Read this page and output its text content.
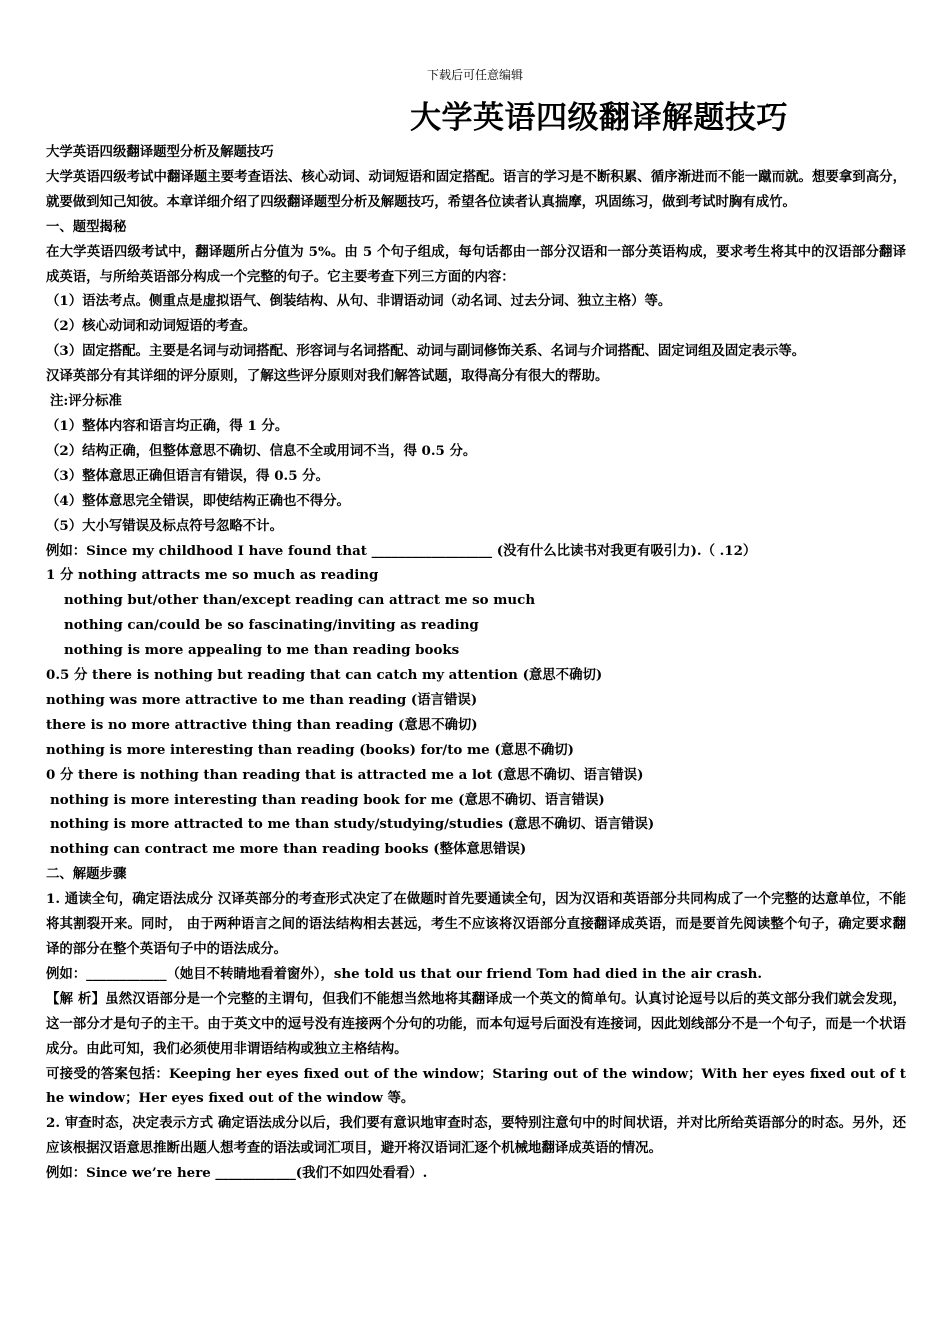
下载后可任意编辑
大学英语四级翻译解题技巧
大学英语四级翻译题型分析及解题技巧
大学英语四级考试中翻译题主要考查语法、核心动词、动词短语和固定搭配。语言的学习是不断积累、循序渐进而不能一蹴而就。想要拿到高分，就要做到知己知彼。本章详细介绍了四级翻译题型分析及解题技巧，希望各位读者认真揣摩，巩固练习，做到考试时胸有成竹。
一、题型揭秘
在大学英语四级考试中，翻译题所占分值为 5%。由 5 个句子组成，每句话都由一部分汉语和一部分英语构成，要求考生将其中的汉语部分翻译成英语，与所给英语部分构成一个完整的句子。它主要考查下列三方面的内容：
（1）语法考点。侧重点是虚拟语气、倒装结构、从句、非谓语动词（动名词、过去分词、独立主格）等。
（2）核心动词和动词短语的考查。
（3）固定搭配。主要是名词与动词搭配、形容词与名词搭配、动词与副词修饰关系、名词与介词搭配、固定词组及固定表示等。
汉译英部分有其详细的评分原则，了解这些评分原则对我们解答试题，取得高分有很大的帮助。
注:评分标准
（1）整体内容和语言均正确，得 1 分。
（2）结构正确，但整体意思不确切、信息不全或用词不当，得 0.5 分。
（3）整体意思正确但语言有错误，得 0.5 分。
（4）整体意思完全错误，即使结构正确也不得分。
（5）大小写错误及标点符号忽略不计。
例如：Since my childhood I have found that __________________ (没有什么比读书对我更有吸引力).（ .12）
1 分 nothing attracts me so much as reading
nothing but/other than/except reading can attract me so much
nothing can/could be so fascinating/inviting as reading
nothing is more appealing to me than reading books
0.5 分 there is nothing but reading that can catch my attention (意思不确切)
nothing was more attractive to me than reading (语言错误)
there is no more attractive thing than reading (意思不确切)
nothing is more interesting than reading (books) for/to me (意思不确切)
0 分 there is nothing than reading that is attracted me a lot (意思不确切、语言错误)
nothing is more interesting than reading book for me (意思不确切、语言错误)
nothing is more attracted to me than study/studying/studies (意思不确切、语言错误)
nothing can contract me more than reading books (整体意思错误)
二、解题步骤
1. 通读全句，确定语法成分 汉译英部分的考查形式决定了在做题时首先要通读全句，因为汉语和英语部分共同构成了一个完整的达意单位，不能将其割裂开来。同时， 由于两种语言之间的语法结构相去甚远，考生不应该将汉语部分直接翻译成英语，而是要首先阅读整个句子，确定要求翻译的部分在整个英语句子中的语法成分。
例如：____________（她目不转睛地看着窗外），she told us that our friend Tom had died in the air crash.
【解 析】虽然汉语部分是一个完整的主谓句，但我们不能想当然地将其翻译成一个英文的简单句。认真讨论逗号以后的英文部分我们就会发现，这一部分才是句子的主干。由于英文中的逗号没有连接两个分句的功能，而本句逗号后面没有连接词，因此划线部分不是一个句子，而是一个状语成分。由此可知，我们必须使用非谓语结构或独立主格结构。
可接受的答案包括：Keeping her eyes fixed out of the window；Staring out of the window；With her eyes fixed out of the window；Her eyes fixed out of the window 等。
2. 审查时态，决定表示方式 确定语法成分以后，我们要有意识地审查时态，要特别注意句中的时间状语，并对比所给英语部分的时态。另外，还应该根据汉语意思推断出题人想考查的语法或词汇项目，避开将汉语词汇逐个机械地翻译成英语的情况。
例如：Since we’re here ____________(我们不如四处看看）.
